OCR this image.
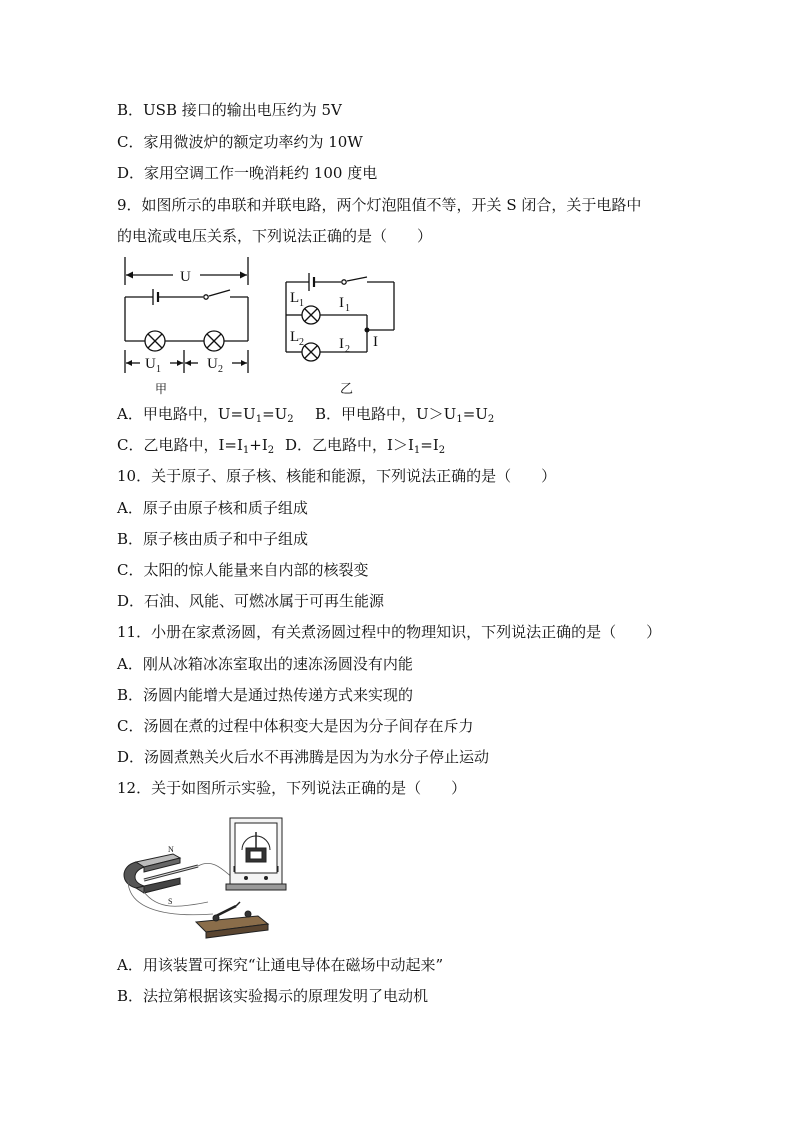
B．USB 接口的输出电压约为 5V
C．家用微波炉的额定功率约为 10W
D．家用空调工作一晚消耗约 100 度电
9．如图所示的串联和并联电路，两个灯泡阻值不等，开关 S 闭合，关于电路中
的电流或电压关系，下列说法正确的是（　　）
U
U 1	U 2
甲
L 1
L 2
I 1
I 2 I
乙
A．甲电路中，$U=U_1=U_2$ B．甲电路中，$U>U_1=U_2$
C．乙电路中，$I=I_1+I_2$ D．乙电路中，$I>I_1=I_2$
10．关于原子、原子核、核能和能源，下列说法正确的是（　　）
A．原子由原子核和质子组成
B．原子核由质子和中子组成
C．太阳的惊人能量来自内部的核裂变
D．石油、风能、可燃冰属于可再生能源
11．小册在家煮汤圆，有关煮汤圆过程中的物理知识，下列说法正确的是（　　）
A．刚从冰箱冰冻室取出的速冻汤圆没有内能
B．汤圆内能增大是通过热传递方式来实现的
C．汤圆在煮的过程中体积变大是因为分子间存在斥力
D．汤圆煮熟关火后水不再沸腾是因为为水分子停止运动
12．关于如图所示实验，下列说法正确的是（　　）
N
S
A．用该装置可探究“让通电导体在磁场中动起来”
B．法拉第根据该实验揭示的原理发明了电动机
